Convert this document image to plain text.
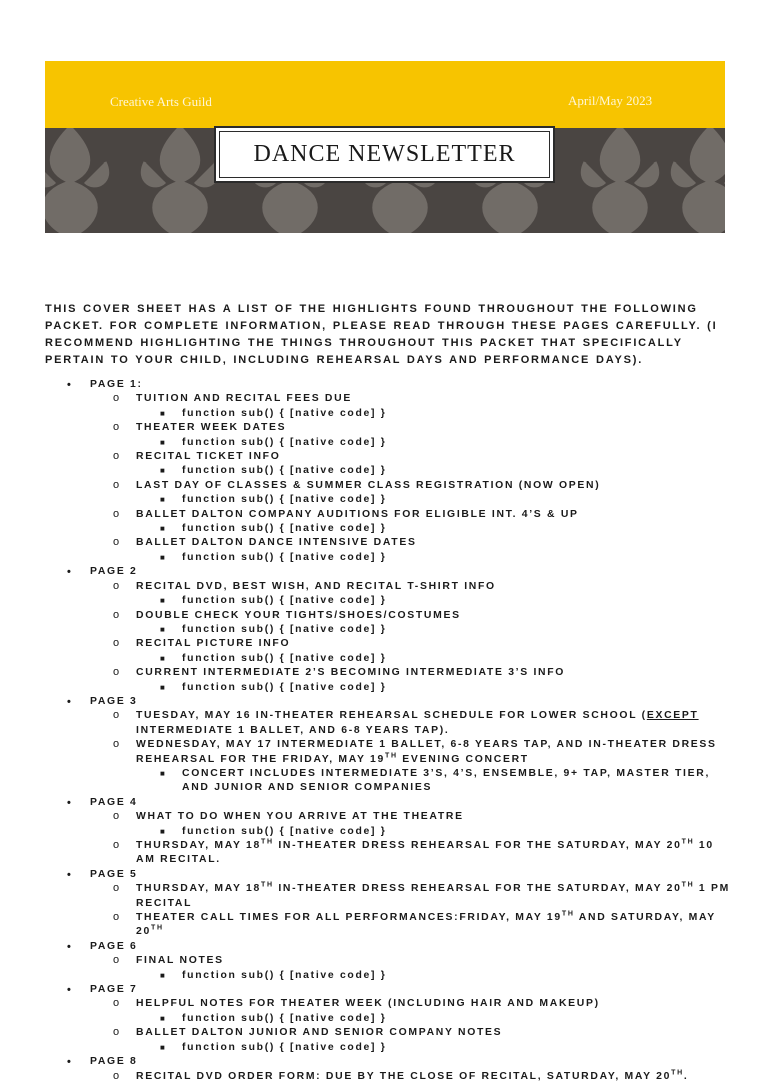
Creative Arts Guild	April/May 2023
DANCE NEWSLETTER
THIS COVER SHEET HAS A LIST OF THE HIGHLIGHTS FOUND THROUGHOUT THE FOLLOWING PACKET. FOR COMPLETE INFORMATION, PLEASE READ THROUGH THESE PAGES CAREFULLY. (I RECOMMEND HIGHLIGHTING THE THINGS THROUGHOUT THIS PACKET THAT SPECIFICALLY PERTAIN TO YOUR CHILD, INCLUDING REHEARSAL DAYS AND PERFORMANCE DAYS).
• PAGE 1:
o TUITION AND RECITAL FEES DUE
■ function sub() { [native code] }
o THEATER WEEK DATES
■ function sub() { [native code] }
o RECITAL TICKET INFO
■ function sub() { [native code] }
o LAST DAY OF CLASSES & SUMMER CLASS REGISTRATION (NOW OPEN)
■ function sub() { [native code] }
o BALLET DALTON COMPANY AUDITIONS FOR ELIGIBLE INT. 4’S & UP
■ function sub() { [native code] }
o BALLET DALTON DANCE INTENSIVE DATES
■ function sub() { [native code] }
• PAGE 2
o RECITAL DVD, BEST WISH, AND RECITAL T-SHIRT INFO
■ function sub() { [native code] }
o DOUBLE CHECK YOUR TIGHTS/SHOES/COSTUMES
■ function sub() { [native code] }
o RECITAL PICTURE INFO
■ function sub() { [native code] }
o CURRENT INTERMEDIATE 2’S BECOMING INTERMEDIATE 3’S INFO
■ function sub() { [native code] }
• PAGE 3
o TUESDAY, MAY 16 IN-THEATER REHEARSAL SCHEDULE FOR LOWER SCHOOL (EXCEPT INTERMEDIATE 1 BALLET, AND 6-8 YEARS TAP).
o WEDNESDAY, MAY 17 INTERMEDIATE 1 BALLET, 6-8 YEARS TAP, AND IN-THEATER DRESS REHEARSAL FOR THE FRIDAY, MAY 19TH EVENING CONCERT
■ CONCERT INCLUDES INTERMEDIATE 3’S, 4’S, ENSEMBLE, 9+ TAP, MASTER TIER, AND JUNIOR AND SENIOR COMPANIES
• PAGE 4
o WHAT TO DO WHEN YOU ARRIVE AT THE THEATRE
■ function sub() { [native code] }
o THURSDAY, MAY 18TH IN-THEATER DRESS REHEARSAL FOR THE SATURDAY, MAY 20TH 10 AM RECITAL.
• PAGE 5
o THURSDAY, MAY 18TH IN-THEATER DRESS REHEARSAL FOR THE SATURDAY, MAY 20TH 1 PM RECITAL
o THEATER CALL TIMES FOR ALL PERFORMANCES:FRIDAY, MAY 19TH AND SATURDAY, MAY 20TH
• PAGE 6
o FINAL NOTES
■ function sub() { [native code] }
• PAGE 7
o HELPFUL NOTES FOR THEATER WEEK (INCLUDING HAIR AND MAKEUP)
■ function sub() { [native code] }
o BALLET DALTON JUNIOR AND SENIOR COMPANY NOTES
■ function sub() { [native code] }
• PAGE 8
o RECITAL DVD ORDER FORM: DUE BY THE CLOSE OF RECITAL, SATURDAY, MAY 20TH.
